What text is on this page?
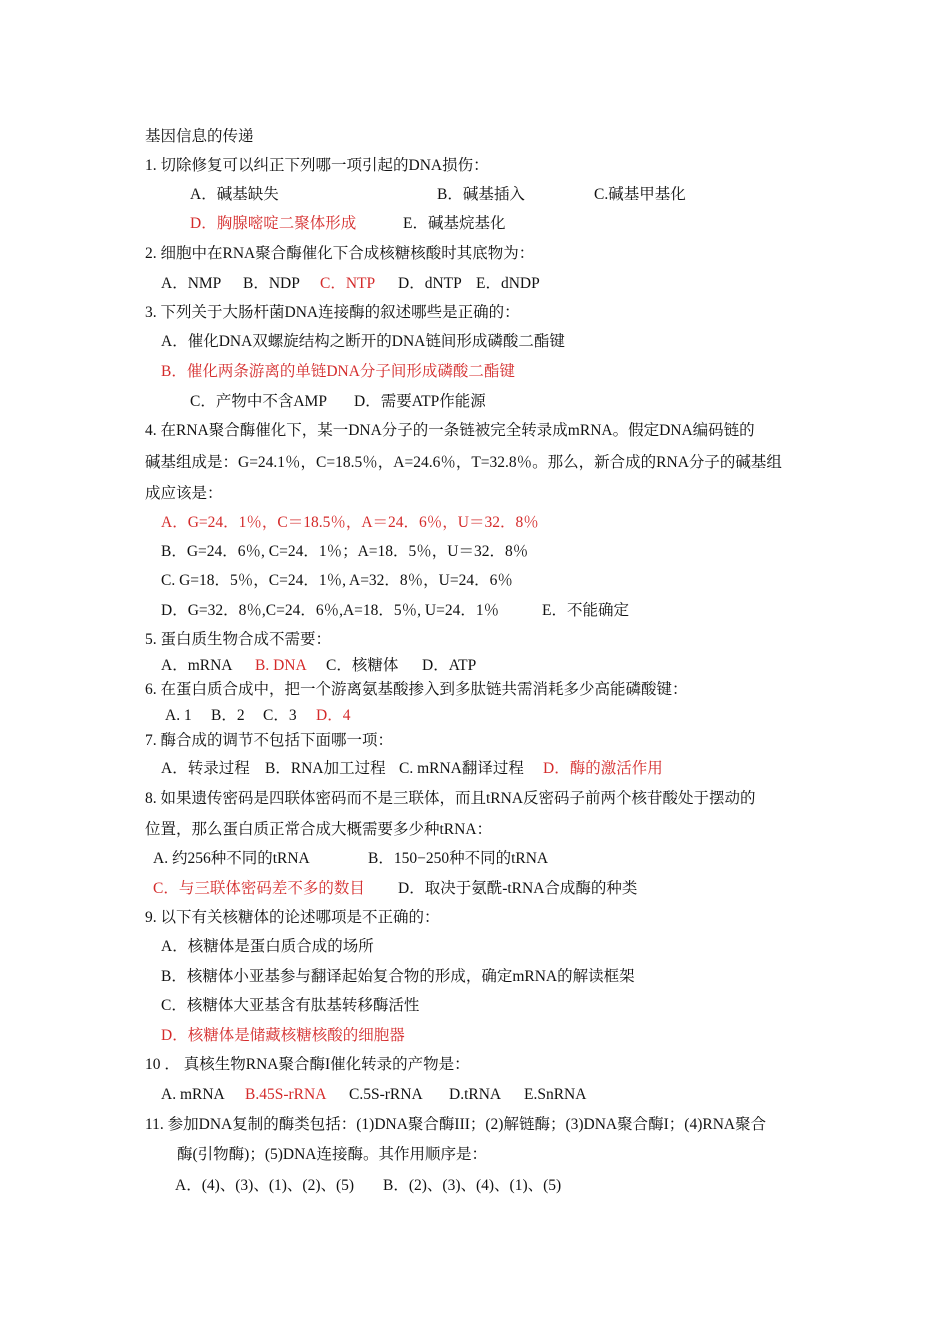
基因信息的传递
1. 切除修复可以纠正下列哪一项引起的DNA损伤：
A．碱基缺失	B．碱基插入	C.碱基甲基化
D．胸腺嘧啶二聚体形成	E．碱基烷基化
2. 细胞中在RNA聚合酶催化下合成核糖核酸时其底物为：
A．NMP B．NDP C．NTP D．dNTP E．dNDP
3. 下列关于大肠杆菌DNA连接酶的叙述哪些是正确的：
A．催化DNA双螺旋结构之断开的DNA链间形成磷酸二酯键
B．催化两条游离的单链DNA分子间形成磷酸二酯键
C．产物中不含AMP D．需要ATP作能源
4. 在RNA聚合酶催化下，某一DNA分子的一条链被完全转录成mRNA。假定DNA编码链的
碱基组成是：G=24.1％，C=18.5％，A=24.6％，T=32.8％。那么，新合成的RNA分子的碱基组
成应该是：
A．G=24．1％，C＝18.5％，A＝24．6％，U＝32．8％
B．G=24．6％, C=24．1％；A=18．5％，U＝32．8％
C. G=18．5％，C=24．1％, A=32．8％，U=24．6％
D．G=32．8％,C=24．6％,A=18．5％, U=24．1％	E．不能确定
5. 蛋白质生物合成不需要：
A．mRNA B. DNA C．核糖体 D．ATP
6. 在蛋白质合成中，把一个游离氨基酸掺入到多肽链共需消耗多少高能磷酸键：
A. 1 B．2 C．3 D．4
7. 酶合成的调节不包括下面哪一项：
A．转录过程 B．RNA加工过程 C. mRNA翻译过程 D．酶的激活作用
8. 如果遗传密码是四联体密码而不是三联体，而且tRNA反密码子前两个核苷酸处于摆动的
位置，那么蛋白质正常合成大概需要多少种tRNA：
A. 约256种不同的tRNA	B．150−250种不同的tRNA
C．与三联体密码差不多的数目 D．取决于氨酰-tRNA合成酶的种类
9. 以下有关核糖体的论述哪项是不正确的：
A．核糖体是蛋白质合成的场所
B．核糖体小亚基参与翻译起始复合物的形成，确定mRNA的解读框架
C．核糖体大亚基含有肽基转移酶活性
D．核糖体是储藏核糖核酸的细胞器
10 ． 真核生物RNA聚合酶I催化转录的产物是：
A. mRNA B.45S-rRNA C.5S-rRNA D.tRNA E.SnRNA
11. 参加DNA复制的酶类包括：(1)DNA聚合酶III；(2)解链酶；(3)DNA聚合酶I；(4)RNA聚合
酶(引物酶)；(5)DNA连接酶。其作用顺序是：
A．(4)、(3)、(1)、(2)、(5) B．(2)、(3)、(4)、(1)、(5)
